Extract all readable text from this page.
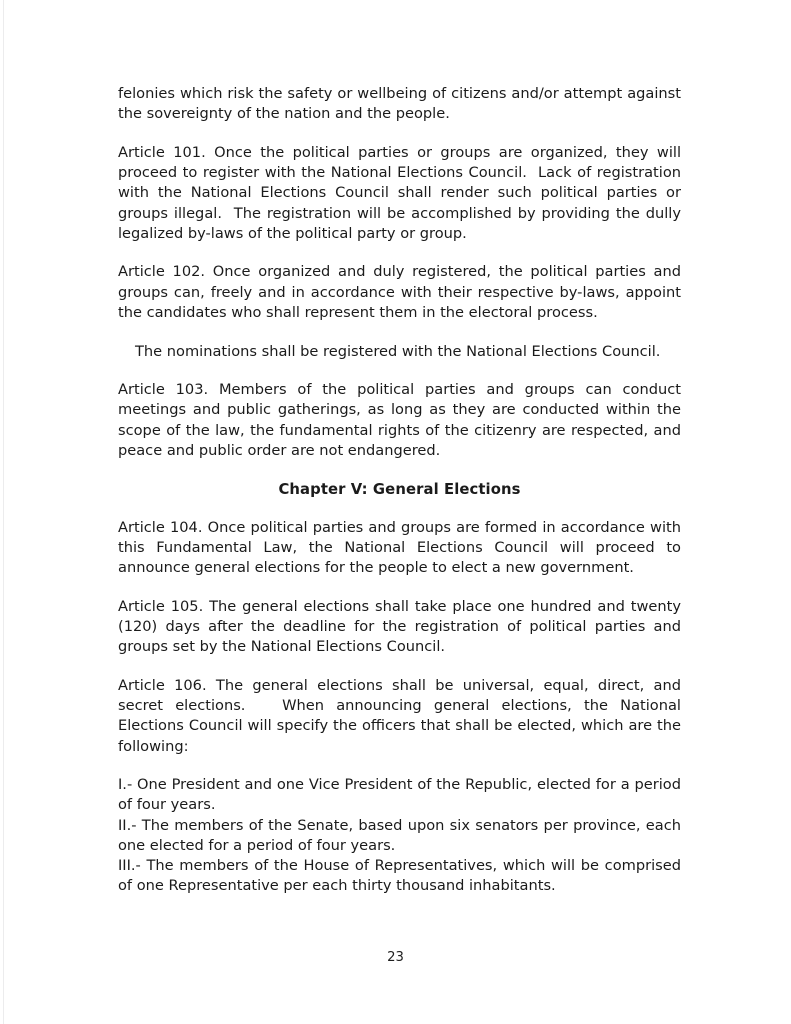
felonies which risk the safety or wellbeing of citizens and/or attempt against the sovereignty of the nation and the people.

Article 101. Once the political parties or groups are organized, they will proceed to register with the National Elections Council.  Lack of registration with the National Elections Council shall render such political parties or groups illegal.  The registration will be accomplished by providing the dully legalized by-laws of the political party or group.

Article 102. Once organized and duly registered, the political parties and groups can, freely and in accordance with their respective by-laws, appoint the candidates who shall represent them in the electoral process.

The nominations shall be registered with the National Elections Council.

Article 103. Members of the political parties and groups can conduct meetings and public gatherings, as long as they are conducted within the scope of the law, the fundamental rights of the citizenry are respected, and peace and public order are not endangered.

Chapter V: General Elections

Article 104. Once political parties and groups are formed in accordance with this Fundamental Law, the National Elections Council will proceed to announce general elections for the people to elect a new government.

Article 105. The general elections shall take place one hundred and twenty (120) days after the deadline for the registration of political parties and groups set by the National Elections Council.

Article 106. The general elections shall be universal, equal, direct, and secret elections.   When announcing general elections, the National Elections Council will specify the officers that shall be elected, which are the following:

I.- One President and one Vice President of the Republic, elected for a period of four years.

II.- The members of the Senate, based upon six senators per province, each one elected for a period of four years.

III.- The members of the House of Representatives, which will be comprised of one Representative per each thirty thousand inhabitants.

23
